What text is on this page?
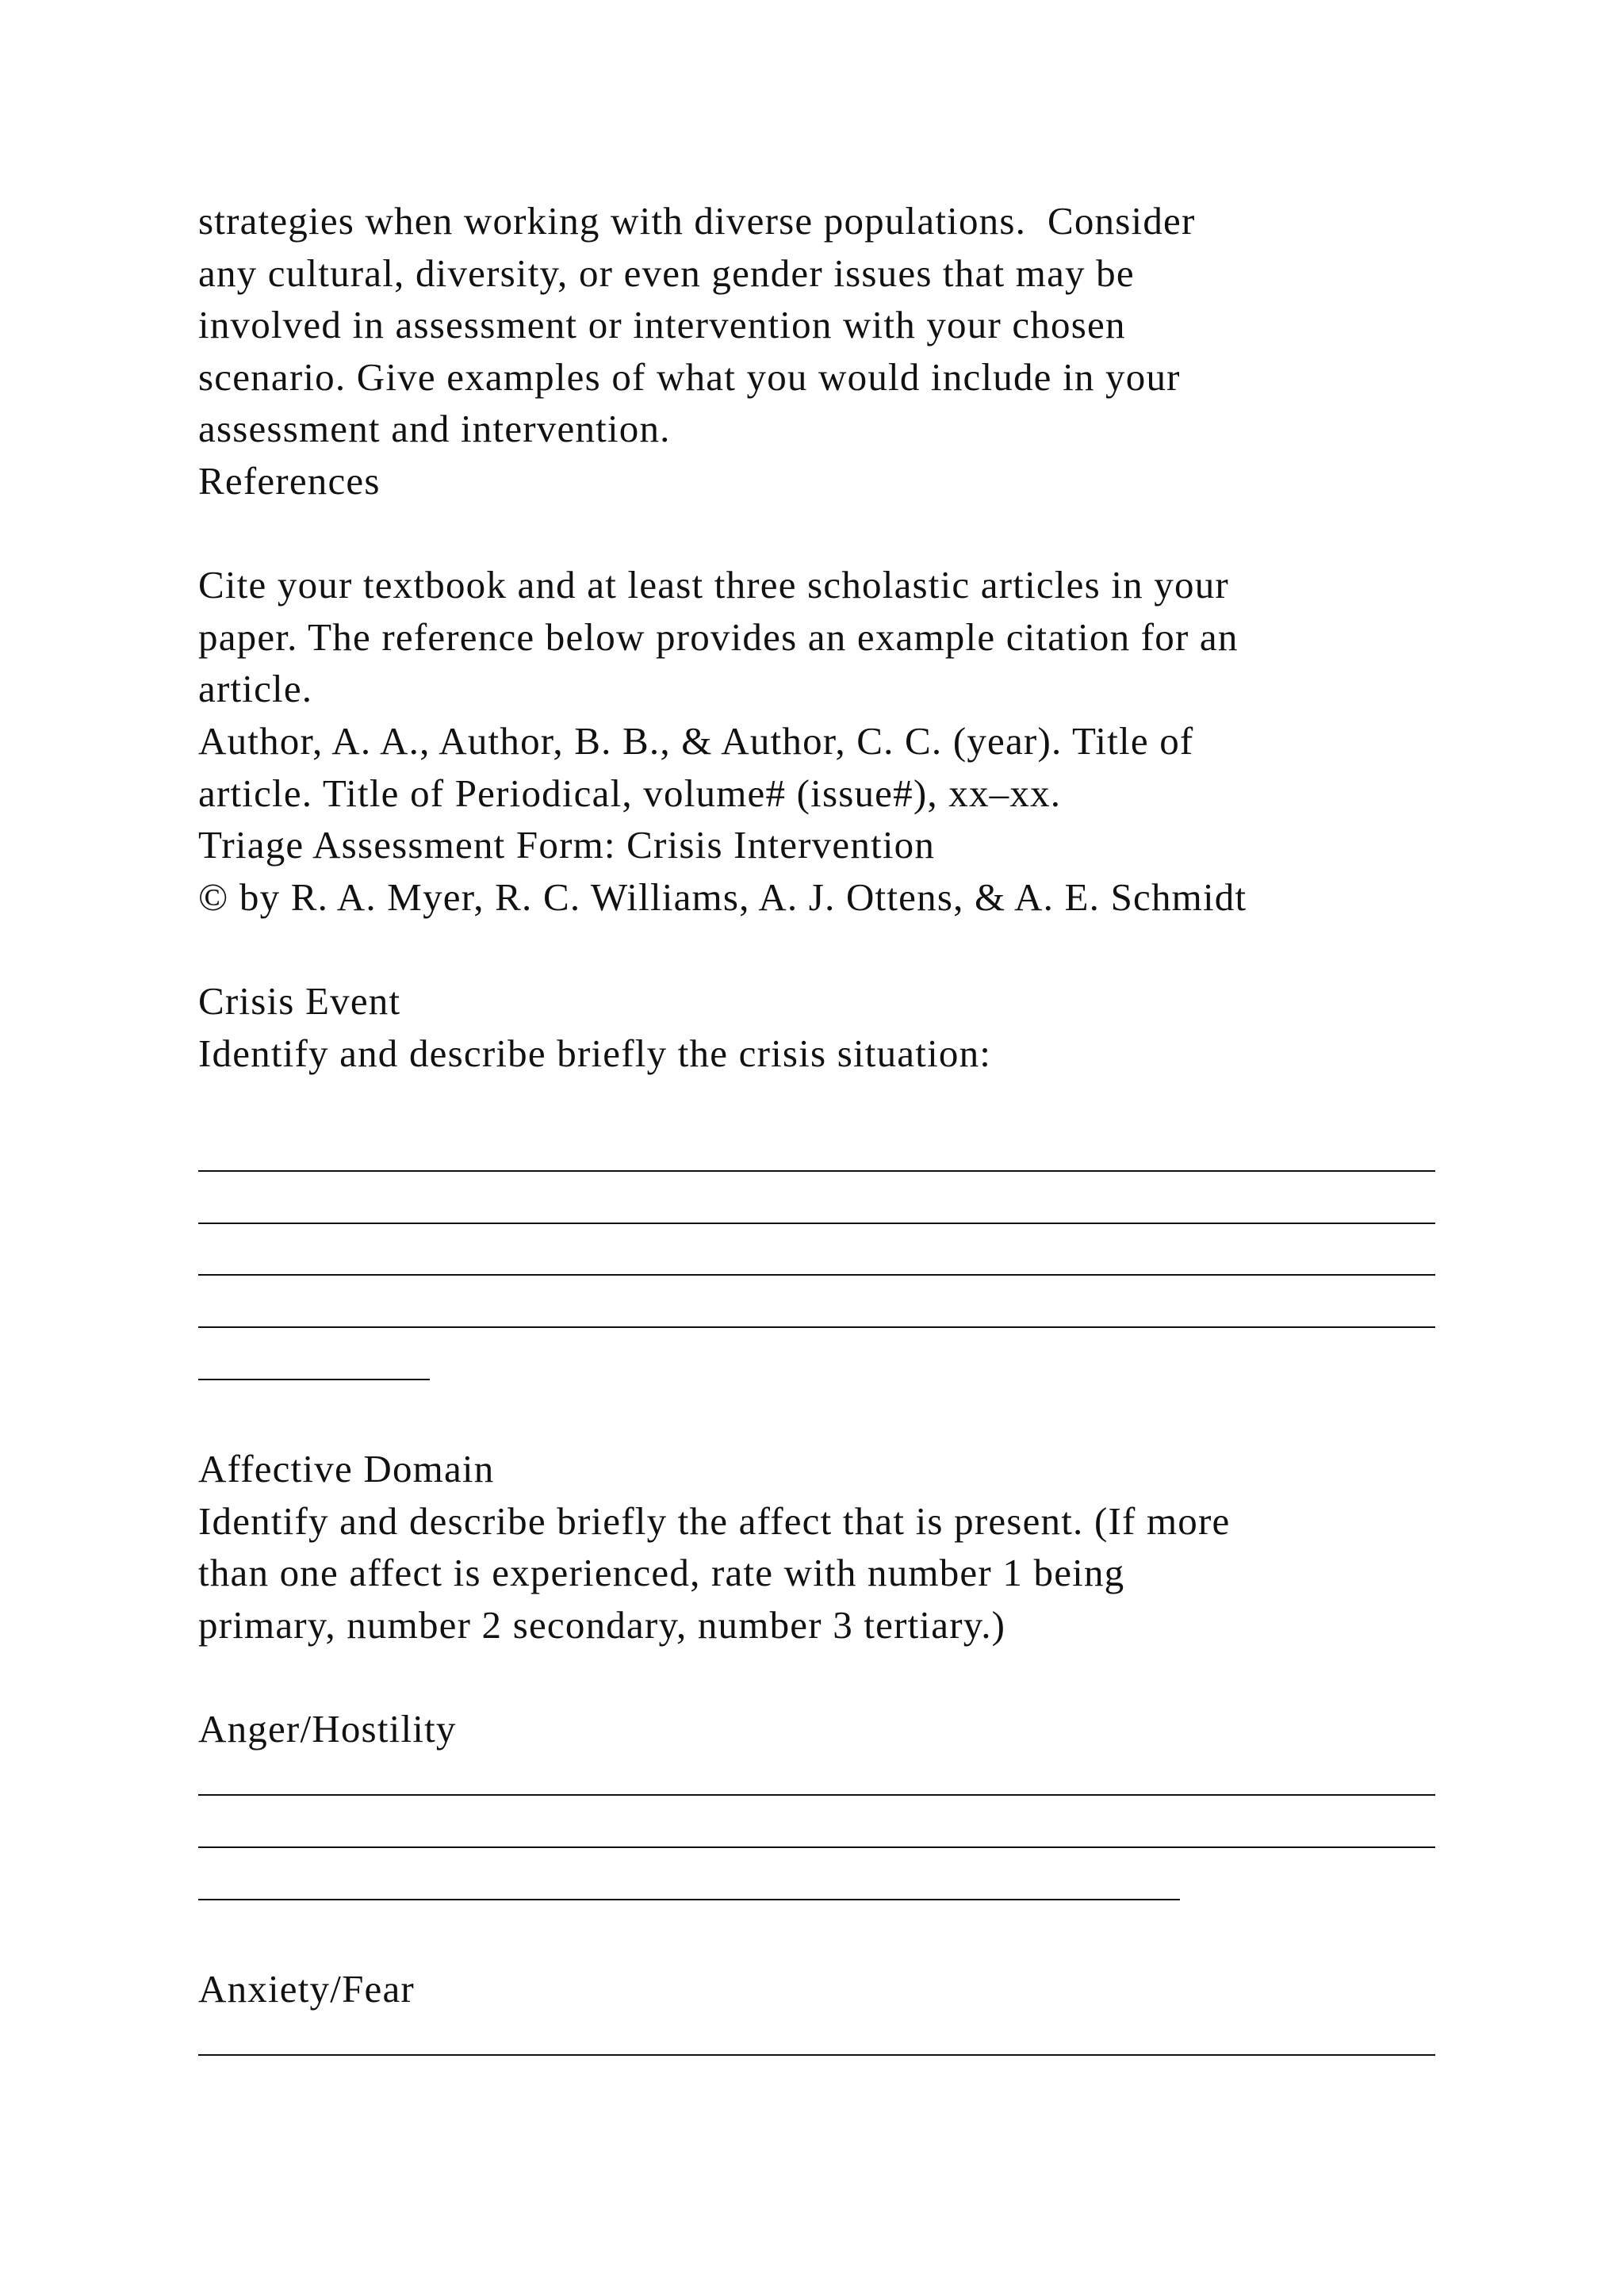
strategies when working with diverse populations.  Consider
any cultural, diversity, or even gender issues that may be
involved in assessment or intervention with your chosen
scenario. Give examples of what you would include in your
assessment and intervention.
References
Cite your textbook and at least three scholastic articles in your
paper. The reference below provides an example citation for an
article.
Author, A. A., Author, B. B., & Author, C. C. (year). Title of
article. Title of Periodical, volume# (issue#), xx–xx.
Triage Assessment Form: Crisis Intervention
© by R. A. Myer, R. C. Williams, A. J. Ottens, & A. E. Schmidt
Crisis Event
Identify and describe briefly the crisis situation:
Affective Domain
Identify and describe briefly the affect that is present. (If more
than one affect is experienced, rate with number 1 being
primary, number 2 secondary, number 3 tertiary.)
Anger/Hostility
Anxiety/Fear
